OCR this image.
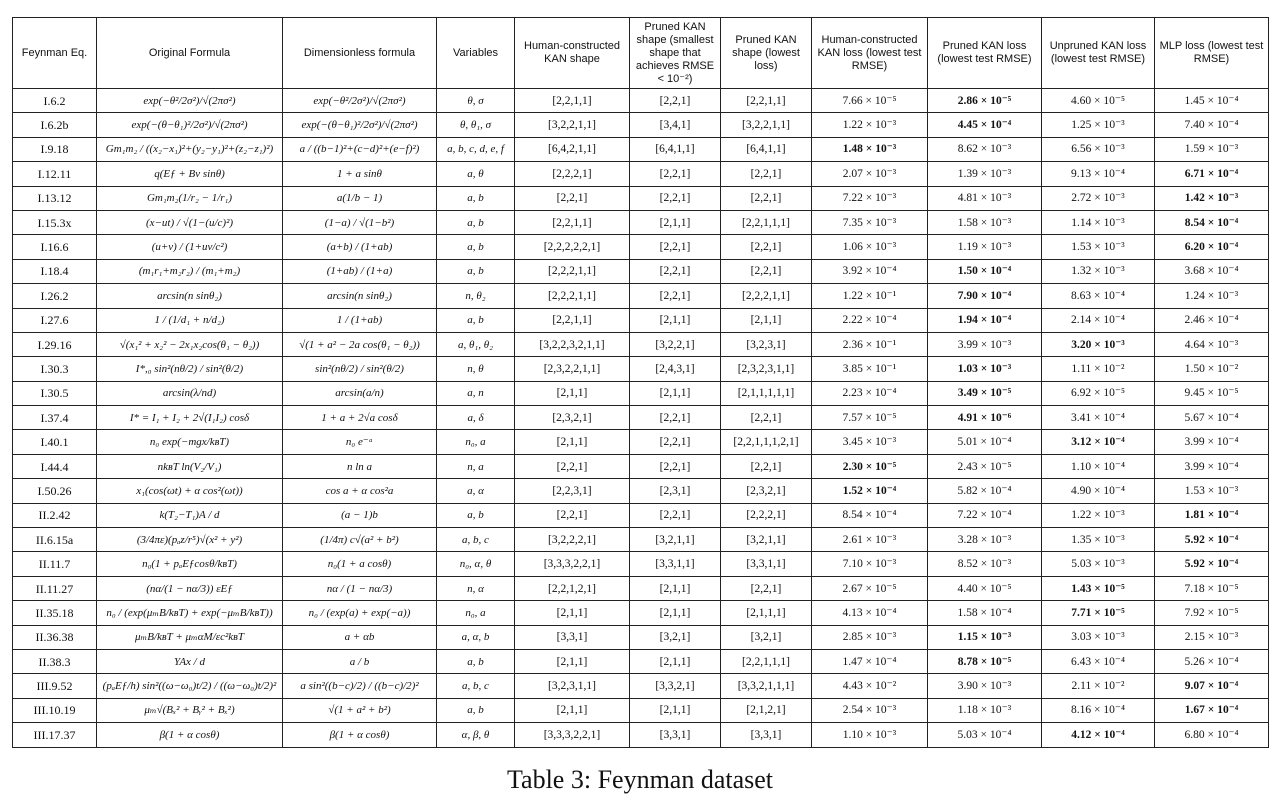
Feynman Eq.	Original Formula	Dimensionless formula	Variables	Human-constructed KAN shape	Pruned KAN shape (smallest shape that achieves RMSE < 10⁻²)	Pruned KAN shape (lowest loss)	Human-constructed KAN loss (lowest test RMSE)	Pruned KAN loss (lowest test RMSE)	Unpruned KAN loss (lowest test RMSE)	MLP loss (lowest test RMSE)
I.6.2	exp(−θ²/2σ²)/√(2πσ²)	exp(−θ²/2σ²)/√(2πσ²)	θ, σ	[2,2,1,1]	[2,2,1]	[2,2,1,1]	7.66 × 10⁻⁵	2.86 × 10⁻⁵	4.60 × 10⁻⁵	1.45 × 10⁻⁴
I.6.2b	exp(−(θ−θ₁)²/2σ²)/√(2πσ²)	exp(−(θ−θ₁)²/2σ²)/√(2πσ²)	θ, θ₁, σ	[3,2,2,1,1]	[3,4,1]	[3,2,2,1,1]	1.22 × 10⁻³	4.45 × 10⁻⁴	1.25 × 10⁻³	7.40 × 10⁻⁴
I.9.18	Gm₁m₂ / ((x₂−x₁)²+(y₂−y₁)²+(z₂−z₁)²)	a / ((b−1)²+(c−d)²+(e−f)²)	a, b, c, d, e, f	[6,4,2,1,1]	[6,4,1,1]	[6,4,1,1]	1.48 × 10⁻³	8.62 × 10⁻³	6.56 × 10⁻³	1.59 × 10⁻³
I.12.11	q(Eƒ + Bv sinθ)	1 + a sinθ	a, θ	[2,2,2,1]	[2,2,1]	[2,2,1]	2.07 × 10⁻³	1.39 × 10⁻³	9.13 × 10⁻⁴	6.71 × 10⁻⁴
I.13.12	Gm₁m₂(1/r₂ − 1/r₁)	a(1/b − 1)	a, b	[2,2,1]	[2,2,1]	[2,2,1]	7.22 × 10⁻³	4.81 × 10⁻³	2.72 × 10⁻³	1.42 × 10⁻³
I.15.3x	(x−ut) / √(1−(u/c)²)	(1−a) / √(1−b²)	a, b	[2,2,1,1]	[2,1,1]	[2,2,1,1,1]	7.35 × 10⁻³	1.58 × 10⁻³	1.14 × 10⁻³	8.54 × 10⁻⁴
I.16.6	(u+v) / (1+uv/c²)	(a+b) / (1+ab)	a, b	[2,2,2,2,2,1]	[2,2,1]	[2,2,1]	1.06 × 10⁻³	1.19 × 10⁻³	1.53 × 10⁻³	6.20 × 10⁻⁴
I.18.4	(m₁r₁+m₂r₂) / (m₁+m₂)	(1+ab) / (1+a)	a, b	[2,2,2,1,1]	[2,2,1]	[2,2,1]	3.92 × 10⁻⁴	1.50 × 10⁻⁴	1.32 × 10⁻³	3.68 × 10⁻⁴
I.26.2	arcsin(n sinθ₂)	arcsin(n sinθ₂)	n, θ₂	[2,2,2,1,1]	[2,2,1]	[2,2,2,1,1]	1.22 × 10⁻¹	7.90 × 10⁻⁴	8.63 × 10⁻⁴	1.24 × 10⁻³
I.27.6	1 / (1/d₁ + n/d₂)	1 / (1+ab)	a, b	[2,2,1,1]	[2,1,1]	[2,1,1]	2.22 × 10⁻⁴	1.94 × 10⁻⁴	2.14 × 10⁻⁴	2.46 × 10⁻⁴
I.29.16	√(x₁² + x₂² − 2x₁x₂cos(θ₁ − θ₂))	√(1 + a² − 2a cos(θ₁ − θ₂))	a, θ₁, θ₂	[3,2,2,3,2,1,1]	[3,2,2,1]	[3,2,3,1]	2.36 × 10⁻¹	3.99 × 10⁻³	3.20 × 10⁻³	4.64 × 10⁻³
I.30.3	I*,₀ sin²(nθ/2) / sin²(θ/2)	sin²(nθ/2) / sin²(θ/2)	n, θ	[2,3,2,2,1,1]	[2,4,3,1]	[2,3,2,3,1,1]	3.85 × 10⁻¹	1.03 × 10⁻³	1.11 × 10⁻²	1.50 × 10⁻²
I.30.5	arcsin(λ/nd)	arcsin(a/n)	a, n	[2,1,1]	[2,1,1]	[2,1,1,1,1,1]	2.23 × 10⁻⁴	3.49 × 10⁻⁵	6.92 × 10⁻⁵	9.45 × 10⁻⁵
I.37.4	I* = I₁ + I₂ + 2√(I₁I₂) cosδ	1 + a + 2√a cosδ	a, δ	[2,3,2,1]	[2,2,1]	[2,2,1]	7.57 × 10⁻⁵	4.91 × 10⁻⁶	3.41 × 10⁻⁴	5.67 × 10⁻⁴
I.40.1	n₀ exp(−mgx/kʙT)	n₀ e⁻ᵃ	n₀, a	[2,1,1]	[2,2,1]	[2,2,1,1,1,2,1]	3.45 × 10⁻³	5.01 × 10⁻⁴	3.12 × 10⁻⁴	3.99 × 10⁻⁴
I.44.4	nkʙT ln(V₂/V₁)	n ln a	n, a	[2,2,1]	[2,2,1]	[2,2,1]	2.30 × 10⁻⁵	2.43 × 10⁻⁵	1.10 × 10⁻⁴	3.99 × 10⁻⁴
I.50.26	x₁(cos(ωt) + α cos²(ωt))	cos a + α cos²a	a, α	[2,2,3,1]	[2,3,1]	[2,3,2,1]	1.52 × 10⁻⁴	5.82 × 10⁻⁴	4.90 × 10⁻⁴	1.53 × 10⁻³
II.2.42	k(T₂−T₁)A / d	(a − 1)b	a, b	[2,2,1]	[2,2,1]	[2,2,2,1]	8.54 × 10⁻⁴	7.22 × 10⁻⁴	1.22 × 10⁻³	1.81 × 10⁻⁴
II.6.15a	(3/4πε)(pₐz/r⁵)√(x² + y²)	(1/4π) c√(a² + b²)	a, b, c	[3,2,2,2,1]	[3,2,1,1]	[3,2,1,1]	2.61 × 10⁻³	3.28 × 10⁻³	1.35 × 10⁻³	5.92 × 10⁻⁴
II.11.7	n₀(1 + pₐEƒcosθ/kʙT)	n₀(1 + a cosθ)	n₀, α, θ	[3,3,3,2,2,1]	[3,3,1,1]	[3,3,1,1]	7.10 × 10⁻³	8.52 × 10⁻³	5.03 × 10⁻³	5.92 × 10⁻⁴
II.11.27	(nα/(1 − nα/3)) εEƒ	nα / (1 − nα/3)	n, α	[2,2,1,2,1]	[2,1,1]	[2,2,1]	2.67 × 10⁻⁵	4.40 × 10⁻⁵	1.43 × 10⁻⁵	7.18 × 10⁻⁵
II.35.18	n₀ / (exp(μₘB/kʙT) + exp(−μₘB/kʙT))	n₀ / (exp(a) + exp(−a))	n₀, a	[2,1,1]	[2,1,1]	[2,1,1,1]	4.13 × 10⁻⁴	1.58 × 10⁻⁴	7.71 × 10⁻⁵	7.92 × 10⁻⁵
II.36.38	μₘB/kʙT + μₘαM/εc²kʙT	a + αb	a, α, b	[3,3,1]	[3,2,1]	[3,2,1]	2.85 × 10⁻³	1.15 × 10⁻³	3.03 × 10⁻³	2.15 × 10⁻³
II.38.3	YAx / d	a / b	a, b	[2,1,1]	[2,1,1]	[2,2,1,1,1]	1.47 × 10⁻⁴	8.78 × 10⁻⁵	6.43 × 10⁻⁴	5.26 × 10⁻⁴
III.9.52	(pₐEƒ/h) sin²((ω−ω₀)t/2) / ((ω−ω₀)t/2)²	a sin²((b−c)/2) / ((b−c)/2)²	a, b, c	[3,2,3,1,1]	[3,3,2,1]	[3,3,2,1,1,1]	4.43 × 10⁻²	3.90 × 10⁻³	2.11 × 10⁻²	9.07 × 10⁻⁴
III.10.19	μₘ√(Bₓ² + Bᵧ² + Bₓ²)	√(1 + a² + b²)	a, b	[2,1,1]	[2,1,1]	[2,1,2,1]	2.54 × 10⁻³	1.18 × 10⁻³	8.16 × 10⁻⁴	1.67 × 10⁻⁴
III.17.37	β(1 + α cosθ)	β(1 + α cosθ)	α, β, θ	[3,3,3,2,2,1]	[3,3,1]	[3,3,1]	1.10 × 10⁻³	5.03 × 10⁻⁴	4.12 × 10⁻⁴	6.80 × 10⁻⁴
Table 3: Feynman dataset
